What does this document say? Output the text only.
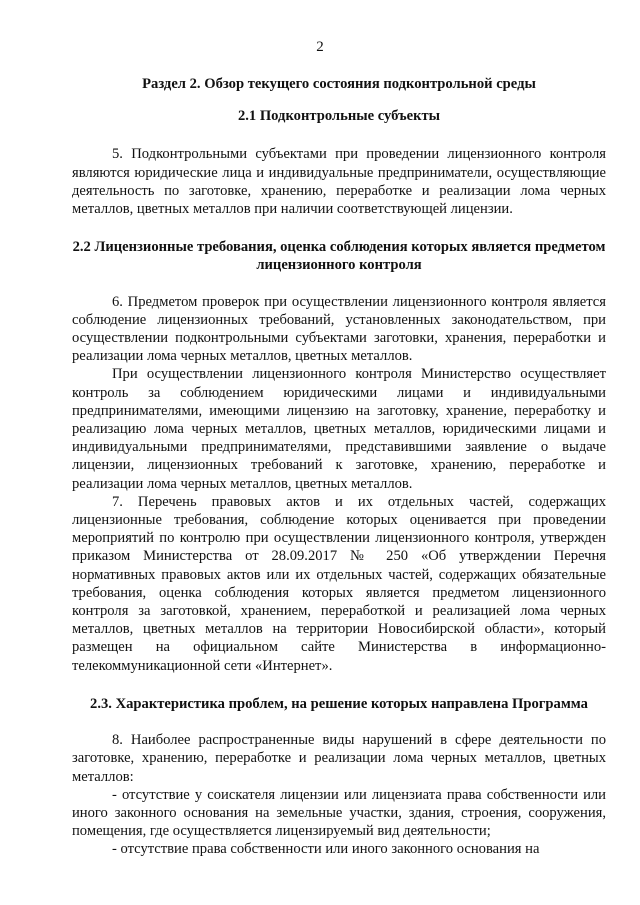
2
Раздел 2. Обзор текущего состояния подконтрольной среды
2.1 Подконтрольные субъекты

5. Подконтрольными субъектами при проведении лицензионного контроля являются юридические лица и индивидуальные предприниматели, осуществляющие деятельность по заготовке, хранению, переработке и реализации лома черных металлов, цветных металлов при наличии соответствующей лицензии.

2.2 Лицензионные требования, оценка соблюдения которых является предметом лицензионного контроля

6. Предметом проверок при осуществлении лицензионного контроля является соблюдение лицензионных требований, установленных законодательством, при осуществлении подконтрольными субъектами заготовки, хранения, переработки и реализации лома черных металлов, цветных металлов.

При осуществлении лицензионного контроля Министерство осуществляет контроль за соблюдением юридическими лицами и индивидуальными предпринимателями, имеющими лицензию на заготовку, хранение, переработку и реализацию лома черных металлов, цветных металлов, юридическими лицами и индивидуальными предпринимателями, представившими заявление о выдаче лицензии, лицензионных требований к заготовке, хранению, переработке и реализации лома черных металлов, цветных металлов.

7. Перечень правовых актов и их отдельных частей, содержащих лицензионные требования, соблюдение которых оценивается при проведении мероприятий по контролю при осуществлении лицензионного контроля, утвержден приказом Министерства от 28.09.2017 № 250 «Об утверждении Перечня нормативных правовых актов или их отдельных частей, содержащих обязательные требования, оценка соблюдения которых является предметом лицензионного контроля за заготовкой, хранением, переработкой и реализацией лома черных металлов, цветных металлов на территории Новосибирской области», который размещен на официальном сайте Министерства в информационно-телекоммуникационной сети «Интернет».

2.3. Характеристика проблем, на решение которых направлена Программа

8. Наиболее распространенные виды нарушений в сфере деятельности по заготовке, хранению, переработке и реализации лома черных металлов, цветных металлов:

- отсутствие у соискателя лицензии или лицензиата права собственности или иного законного основания на земельные участки, здания, строения, сооружения, помещения, где осуществляется лицензируемый вид деятельности;

- отсутствие права собственности или иного законного основания на
